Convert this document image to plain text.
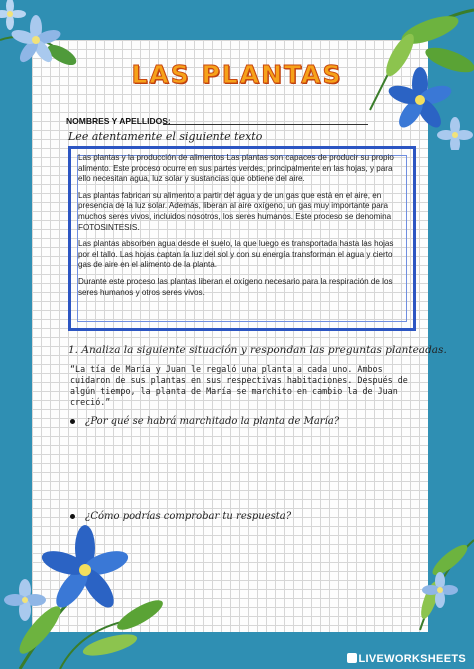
LAS PLANTAS
NOMBRES Y APELLIDOS:
Lee atentamente el siguiente texto

Las plantas y la producción de alimentos Las plantas son capaces de producir su propio alimento. Este proceso ocurre en sus partes verdes, principalmente en las hojas, y para ello necesitan agua, luz solar y sustancias que obtiene del aire.

Las plantas fabrican su alimento a partir del agua y de un gas que está en el aire, en presencia de la luz solar. Además, liberan al aire oxígeno, un gas muy importante para muchos seres vivos, incluidos nosotros, los seres humanos. Este proceso se denomina FOTOSINTESIS.

Las plantas absorben agua desde el suelo, la que luego es transportada hasta las hojas por el tallo. Las hojas captan la luz del sol y con su energía transforman el agua y cierto gas de aire en el alimento de la planta.

Durante este proceso las plantas liberan el oxígeno necesario para la respiración de los seres humanos y otros seres vivos.

1. Analiza la siguiente situación y respondan las preguntas planteadas.
“La tía de María y Juan le regaló una planta a cada uno. Ambos cuidaron de sus plantas en sus respectivas habitaciones. Después de algún tiempo, la planta de María se marchito en cambio la de Juan creció.”
¿Por qué se habrá marchitado la planta de María?
¿Cómo podrías comprobar tu respuesta?
LIVEWORKSHEETS
